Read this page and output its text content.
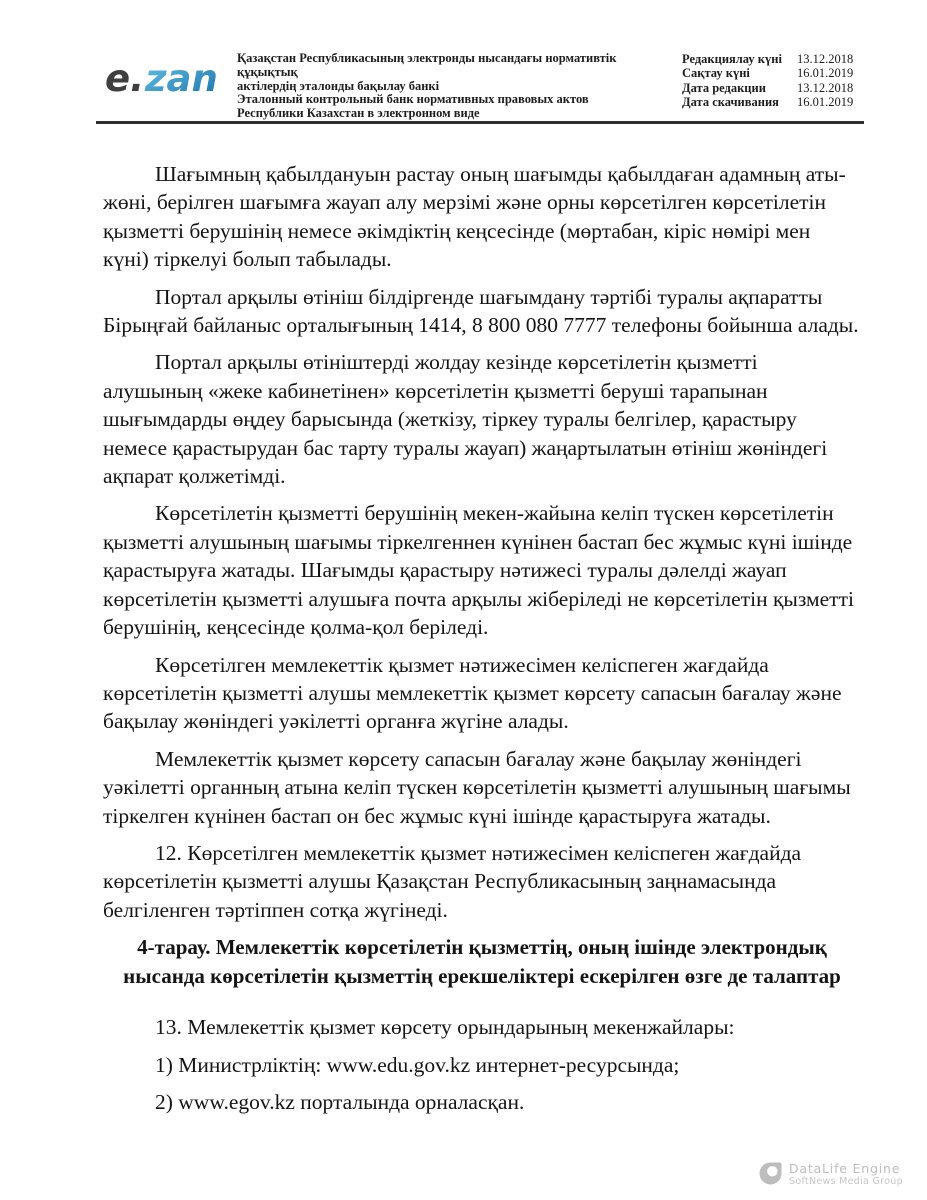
e. zan Қазақстан Республикасының электронды нысандағы нормативтік құқықтық
актілердің эталонды бақылау банкі
Эталонный контрольный банк нормативных правовых актов
Республики Казахстан в электронном виде
Редакциялау күні	13.12.2018
Сақтау күні	16.01.2019
Дата редакции	13.12.2018
Дата скачивания	16.01.2019

Шағымның қабылдануын растау оның шағымды қабылдаған адамның аты-жөні, берілген шағымға жауап алу мерзімі және орны көрсетілген көрсетілетін қызметті берушінің немесе әкімдіктің кеңсесінде (мөртабан, кіріс нөмірі мен күні) тіркелуі болып табылады.

Портал арқылы өтініш білдіргенде шағымдану тәртібі туралы ақпаратты Бірыңғай байланыс орталығының 1414, 8 800 080 7777 телефоны бойынша алады.

Портал арқылы өтініштерді жолдау кезінде көрсетілетін қызметті алушының «жеке кабинетінен» көрсетілетін қызметті беруші тарапынан шығымдарды өңдеу барысында (жеткізу, тіркеу туралы белгілер, қарастыру немесе қарастырудан бас тарту туралы жауап) жаңартылатын өтініш жөніндегі ақпарат қолжетімді.

Көрсетілетін қызметті берушінің мекен-жайына келіп түскен көрсетілетін қызметті алушының шағымы тіркелгеннен күнінен бастап бес жұмыс күні ішінде қарастыруға жатады. Шағымды қарастыру нәтижесі туралы дәлелді жауап көрсетілетін қызметті алушыға почта арқылы жіберіледі не көрсетілетін қызметті берушінің, кеңсесінде қолма-қол беріледі.

Көрсетілген мемлекеттік қызмет нәтижесімен келіспеген жағдайда көрсетілетін қызметті алушы мемлекеттік қызмет көрсету сапасын бағалау және бақылау жөніндегі уәкілетті органға жүгіне алады.

Мемлекеттік қызмет көрсету сапасын бағалау және бақылау жөніндегі уәкілетті органның атына келіп түскен көрсетілетін қызметті алушының шағымы тіркелген күнінен бастап он бес жұмыс күні ішінде қарастыруға жатады.

12. Көрсетілген мемлекеттік қызмет нәтижесімен келіспеген жағдайда көрсетілетін қызметті алушы Қазақстан Республикасының заңнамасында белгіленген тәртіппен сотқа жүгінеді.

4-тарау. Мемлекеттік көрсетілетін қызметтің, оның ішінде электрондық нысанда көрсетілетін қызметтің ерекшеліктері ескерілген өзге де талаптар

13. Мемлекеттік қызмет көрсету орындарының мекенжайлары:

1) Министрліктің: www.edu.gov.kz интернет-ресурсында;

2) www.egov.kz порталында орналасқан.

DataLife Engine
SoftNews Media Group
